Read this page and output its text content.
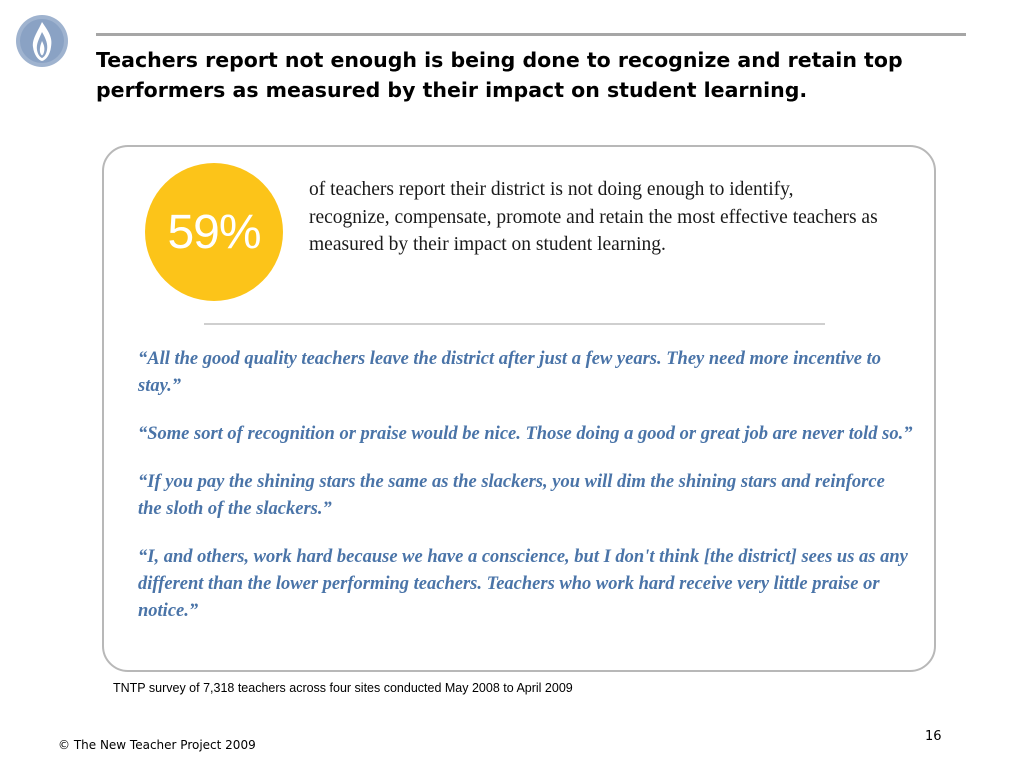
Teachers report not enough is being done to recognize and retain top performers as measured by their impact on student learning.
59%
of teachers report their district is not doing enough to identify, recognize, compensate, promote and retain the most effective teachers as measured by their impact on student learning.

“All the good quality teachers leave the district after just a few years. They need more incentive to stay.”

“Some sort of recognition or praise would be nice. Those doing a good or great job are never told so.”

“If you pay the shining stars the same as the slackers, you will dim the shining stars and reinforce the sloth of the slackers.”

“I, and others, work hard because we have a conscience, but I don't think [the district] sees us as any different than the lower performing teachers. Teachers who work hard receive very little praise or notice.”

TNTP survey of 7,318 teachers across four sites conducted May 2008 to April 2009
© The New Teacher Project 2009
16
